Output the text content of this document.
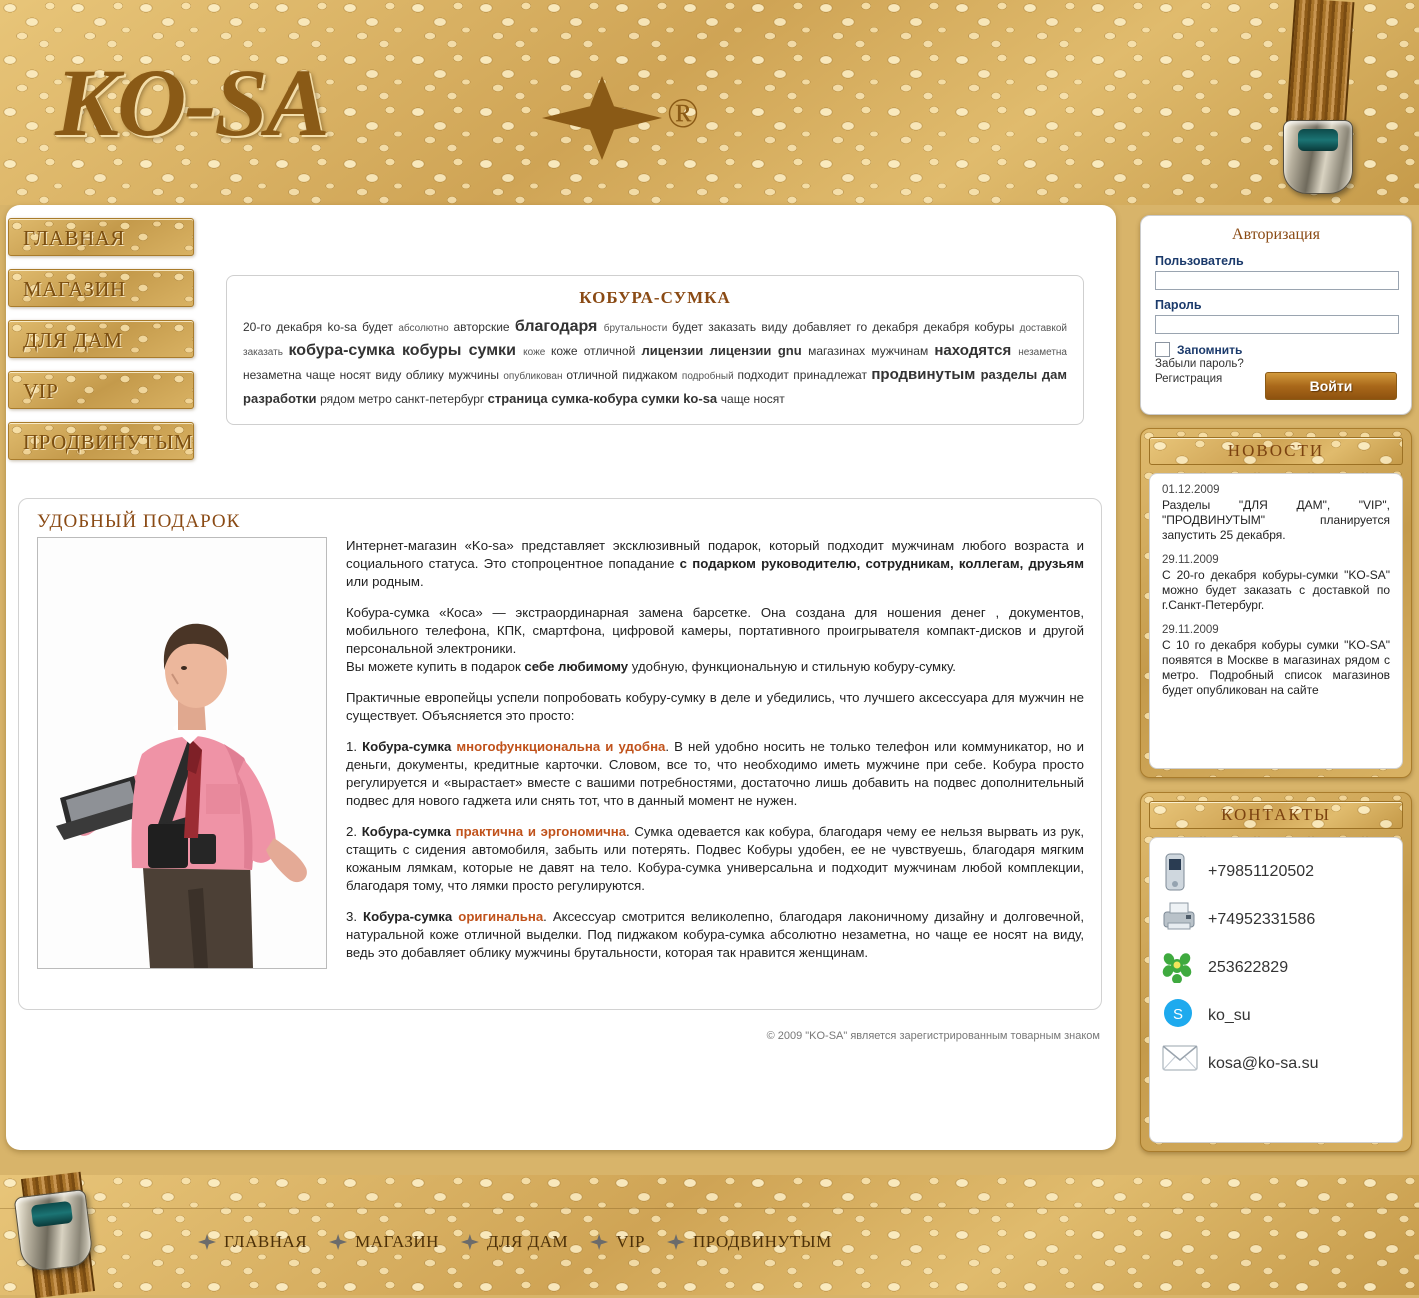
KO-SA	®
ГЛАВНАЯ
МАГАЗИН
ДЛЯ ДАМ
VIP
ПРОДВИНУТЫМ
КОБУРА-СУМКА
20-го декабря ko-sa будет абсолютно авторские благодаря брутальности будет заказать виду добавляет го декабря декабря кобуры доставкой заказать кобура-сумка кобуры сумки коже коже отличной лицензии лицензии gnu магазинах мужчинам находятся незаметна незаметна чаще носят виду облику мужчины опубликован отличной пиджаком подробный подходит принадлежат продвинутым разделы дам разработки рядом метро санкт-петербург страница сумка-кобура сумки ko-sa чаще носят
УДОБНЫЙ ПОДАРОК

Интернет-магазин «Ko-sa» представляет эксклюзивный подарок, который подходит мужчинам любого возраста и социального статуса. Это стопроцентное попадание с подарком руководителю, сотрудникам, коллегам, друзьям или родным.

Кобура-сумка «Коса» — экстраординарная замена барсетке. Она создана для ношения денег , документов, мобильного телефона, КПК, смартфона, цифровой камеры, портативного проигрывателя компакт-дисков и другой персональной электроники.
Вы можете купить в подарок себе любимому удобную, функциональную и стильную кобуру-сумку.

Практичные европейцы успели попробовать кобуру-сумку в деле и убедились, что лучшего аксессуара для мужчин не существует. Объясняется это просто:

1. Кобура-сумка многофункциональна и удобна. В ней удобно носить не только телефон или коммуникатор, но и деньги, документы, кредитные карточки. Словом, все то, что необходимо иметь мужчине при себе. Кобура просто регулируется и «вырастает» вместе с вашими потребностями, достаточно лишь добавить на подвес дополнительный подвес для нового гаджета или снять тот, что в данный момент не нужен.

2. Кобура-сумка практична и эргономична. Сумка одевается как кобура, благодаря чему ее нельзя вырвать из рук, стащить с сидения автомобиля, забыть или потерять. Подвес Кобуры удобен, ее не чувствуешь, благодаря мягким кожаным лямкам, которые не давят на тело. Кобура-сумка универсальна и подходит мужчинам любой комплекции, благодаря тому, что лямки просто регулируются.

3. Кобура-сумка оригинальна. Аксессуар смотрится великолепно, благодаря лаконичному дизайну и долговечной, натуральной коже отличной выделки. Под пиджаком кобура-сумка абсолютно незаметна, но чаще ее носят на виду, ведь это добавляет облику мужчины брутальности, которая так нравится женщинам.

© 2009 "KO-SA" является зарегистрированным товарным знаком
Авторизация
Пользователь
Пароль
Запомнить
Забыли пароль?
Регистрация	Войти
НОВОСТИ
01.12.2009
Разделы "ДЛЯ ДАМ", "VIP", "ПРОДВИНУТЫМ" планируется запустить 25 декабря.
29.11.2009
С 20-го декабря кобуры-сумки "KO-SA" можно будет заказать с доставкой по г.Санкт-Петербург.
29.11.2009
С 10 го декабря кобуры сумки "KO-SA" появятся в Москве в магазинах рядом с метро. Подробный список магазинов будет опубликован на сайте
КОНТАКТЫ
+79851120502
+74952331586
253622829
S ko_su
kosa@ko-sa.su
ГЛАВНАЯ	МАГАЗИН	ДЛЯ ДАМ	VIP	ПРОДВИНУТЫМ
